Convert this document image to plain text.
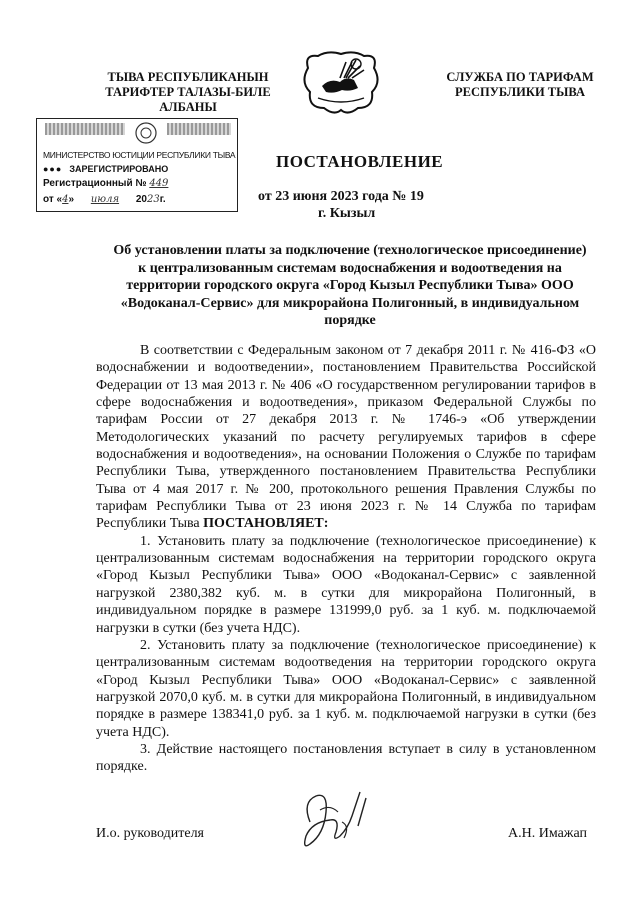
ТЫВА РЕСПУБЛИКАНЫН
ТАРИФТЕР ТАЛАЗЫ-БИЛЕ
АЛБАНЫ
СЛУЖБА ПО ТАРИФАМ
РЕСПУБЛИКИ ТЫВА
МИНИСТЕРСТВО ЮСТИЦИИ РЕСПУБЛИКИ ТЫВА
●●●  ЗАРЕГИСТРИРОВАНО
Регистрационный № 449
от «4» июля 2023г.
ПОСТАНОВЛЕНИЕ
от 23 июня 2023 года № 19
г. Кызыл
Об установлении платы за подключение (технологическое присоединение) к централизованным системам водоснабжения и водоотведения на территории городского округа «Город Кызыл Республики Тыва» ООО «Водоканал-Сервис» для микрорайона Полигонный, в индивидуальном порядке

В соответствии с Федеральным законом от 7 декабря 2011 г. № 416-ФЗ «О водоснабжении и водоотведении», постановлением Правительства Российской Федерации от 13 мая 2013 г. № 406 «О государственном регулировании тарифов в сфере водоснабжения и водоотведения», приказом Федеральной Службы по тарифам России от 27 декабря 2013 г. № 1746-э «Об утверждении Методологических указаний по расчету регулируемых тарифов в сфере водоснабжения и водоотведения», на основании Положения о Службе по тарифам Республики Тыва, утвержденного постановлением Правительства Республики Тыва от 4 мая 2017 г. № 200, протокольного решения Правления Службы по тарифам Республики Тыва от 23 июня 2023 г. № 14 Служба по тарифам Республики Тыва ПОСТАНОВЛЯЕТ:

1. Установить плату за подключение (технологическое присоединение) к централизованным системам водоснабжения на территории городского округа «Город Кызыл Республики Тыва» ООО «Водоканал-Сервис» с заявленной нагрузкой 2380,382 куб. м. в сутки для микрорайона Полигонный, в индивидуальном порядке в размере 131999,0 руб. за 1 куб. м. подключаемой нагрузки в сутки (без учета НДС).

2. Установить плату за подключение (технологическое присоединение) к централизованным системам водоотведения на территории городского округа «Город Кызыл Республики Тыва» ООО «Водоканал-Сервис» с заявленной нагрузкой 2070,0 куб. м. в сутки для микрорайона Полигонный, в индивидуальном порядке в размере 138341,0 руб. за 1 куб. м. подключаемой нагрузки в сутки (без учета НДС).

3. Действие настоящего постановления вступает в силу в установленном порядке.

И.о. руководителя	А.Н. Имажап
